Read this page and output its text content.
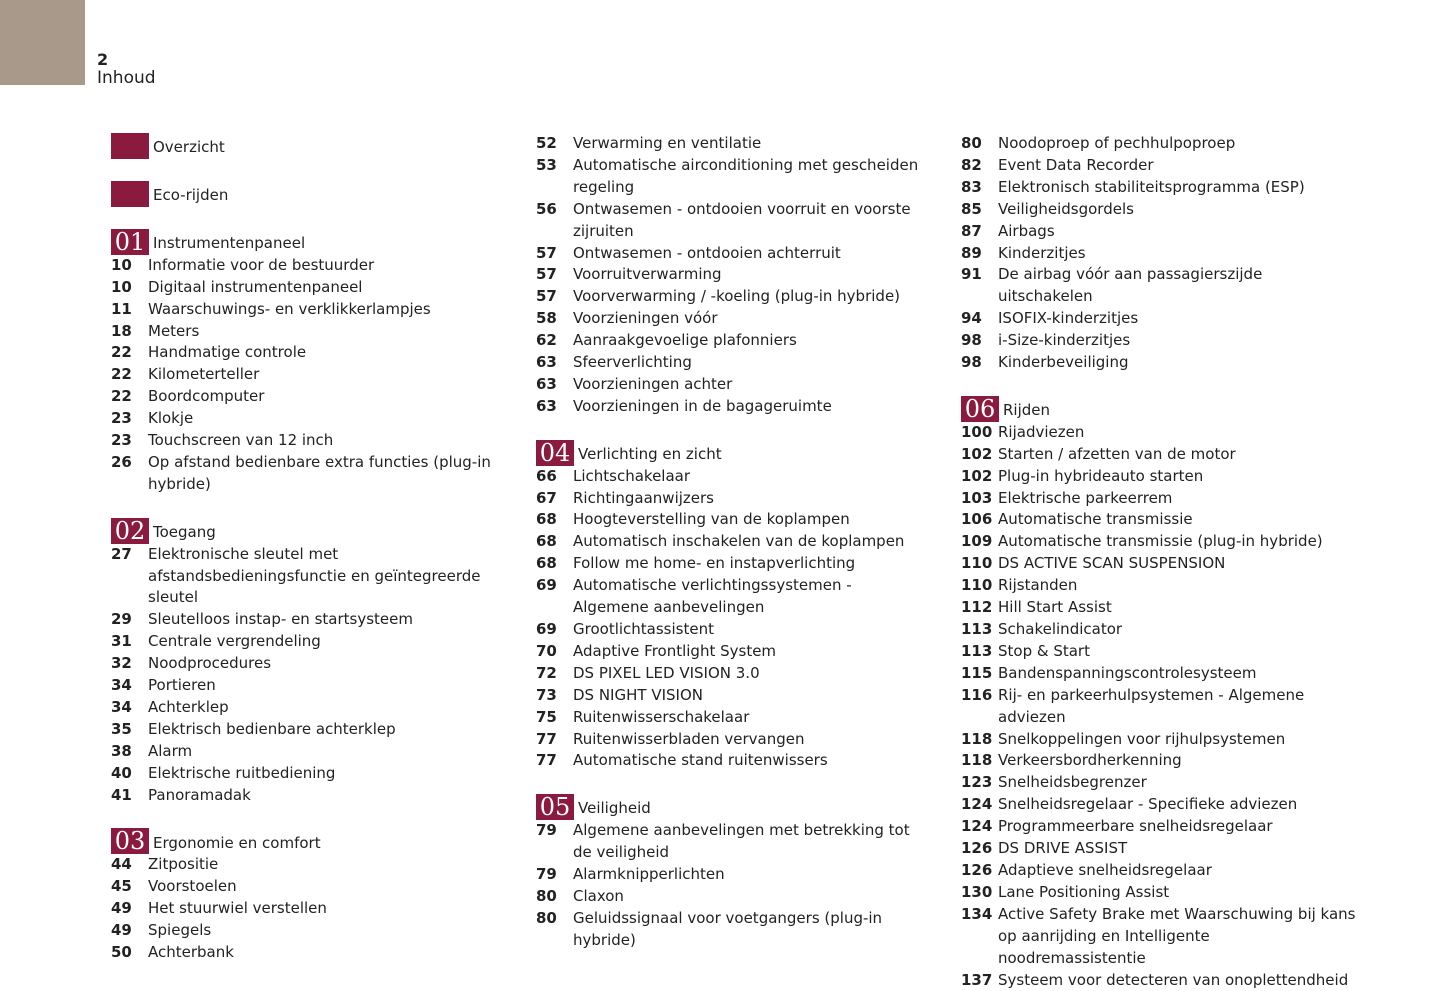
2
Inhoud
Overzicht
Eco-rijden
01 Instrumentenpaneel
10	Informatie voor de bestuurder
10	Digitaal instrumentenpaneel
11	Waarschuwings- en verklikkerlampjes
18	Meters
22	Handmatige controle
22	Kilometerteller
22	Boordcomputer
23	Klokje
23	Touchscreen van 12 inch
26	Op afstand bedienbare extra functies (plug-in hybride)
02 Toegang
27	Elektronische sleutel met afstandsbedieningsfunctie en geïntegreerde sleutel
29	Sleutelloos instap- en startsysteem
31	Centrale vergrendeling
32	Noodprocedures
34	Portieren
34	Achterklep
35	Elektrisch bedienbare achterklep
38	Alarm
40	Elektrische ruitbediening
41	Panoramadak
03 Ergonomie en comfort
44	Zitpositie
45	Voorstoelen
49	Het stuurwiel verstellen
49	Spiegels
50	Achterbank
52	Verwarming en ventilatie
53	Automatische airconditioning met gescheiden regeling
56	Ontwasemen - ontdooien voorruit en voorste zijruiten
57	Ontwasemen - ontdooien achterruit
57	Voorruitverwarming
57	Voorverwarming / -koeling (plug-in hybride)
58	Voorzieningen vóór
62	Aanraakgevoelige plafonniers
63	Sfeerverlichting
63	Voorzieningen achter
63	Voorzieningen in de bagageruimte
04 Verlichting en zicht
66	Lichtschakelaar
67	Richtingaanwijzers
68	Hoogteverstelling van de koplampen
68	Automatisch inschakelen van de koplampen
68	Follow me home- en instapverlichting
69	Automatische verlichtingssystemen - Algemene aanbevelingen
69	Grootlichtassistent
70	Adaptive Frontlight System
72	DS PIXEL LED VISION 3.0
73	DS NIGHT VISION
75	Ruitenwisserschakelaar
77	Ruitenwisserbladen vervangen
77	Automatische stand ruitenwissers
05 Veiligheid
79	Algemene aanbevelingen met betrekking tot de veiligheid
79	Alarmknipperlichten
80	Claxon
80	Geluidssignaal voor voetgangers (plug-in hybride)
80	Noodoproep of pechhulpoproep
82	Event Data Recorder
83	Elektronisch stabiliteitsprogramma (ESP)
85	Veiligheidsgordels
87	Airbags
89	Kinderzitjes
91	De airbag vóór aan passagierszijde uitschakelen
94	ISOFIX-kinderzitjes
98	i-Size-kinderzitjes
98	Kinderbeveiliging
06 Rijden
100 Rijadviezen
102 Starten / afzetten van de motor
102 Plug-in hybrideauto starten
103 Elektrische parkeerrem
106 Automatische transmissie
109 Automatische transmissie (plug-in hybride)
110 DS ACTIVE SCAN SUSPENSION
110 Rijstanden
112 Hill Start Assist
113 Schakelindicator
113 Stop & Start
115 Bandenspanningscontrolesysteem
116 Rij- en parkeerhulpsystemen - Algemene adviezen
118 Snelkoppelingen voor rijhulpsystemen
118 Verkeersbordherkenning
123 Snelheidsbegrenzer
124 Snelheidsregelaar - Specifieke adviezen
124 Programmeerbare snelheidsregelaar
126 DS DRIVE ASSIST
126 Adaptieve snelheidsregelaar
130 Lane Positioning Assist
134 Active Safety Brake met Waarschuwing bij kans op aanrijding en Intelligente noodremassistentie
137 Systeem voor detecteren van onoplettendheid
